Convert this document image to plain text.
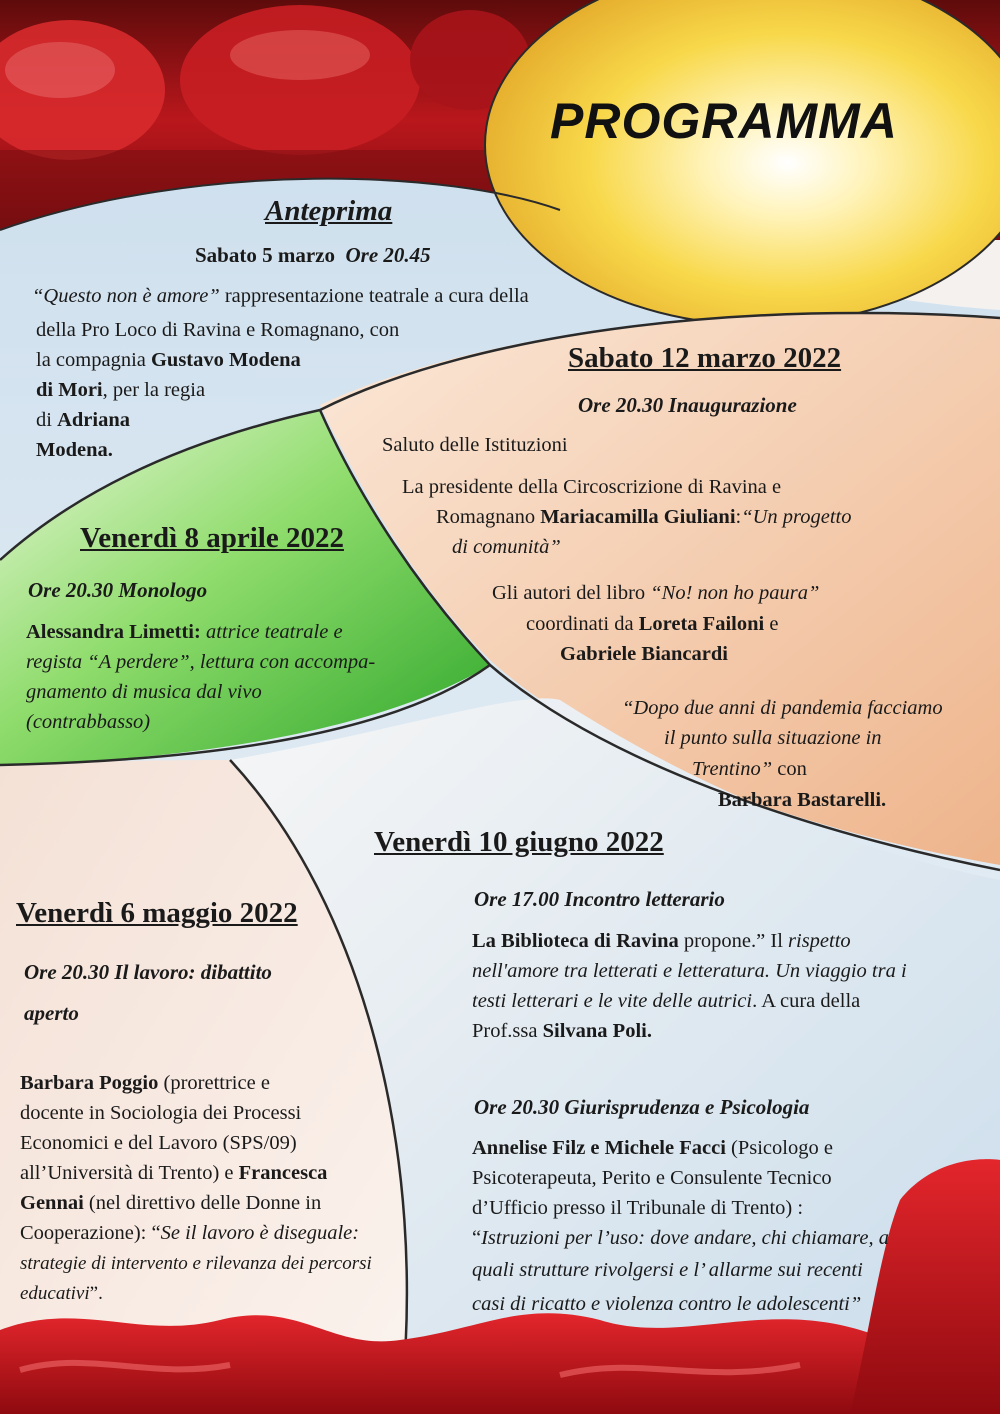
PROGRAMMA
Anteprima
Sabato 5 marzo Ore 20.45
“Questo non è amore” rappresentazione teatrale a cura della
della Pro Loco di Ravina e Romagnano, con
la compagnia Gustavo Modena
di Mori, per la regia
di Adriana
Modena.
Sabato 12 marzo 2022
Ore 20.30 Inaugurazione
Saluto delle Istituzioni
La presidente della Circoscrizione di Ravina e
Romagnano Mariacamilla Giuliani:“Un progetto
di comunità”
Gli autori del libro “No! non ho paura”
coordinati da Loreta Failoni e
Gabriele Biancardi
“Dopo due anni di pandemia facciamo
il punto sulla situazione in
Trentino” con
Barbara Bastarelli.
Venerdì 8 aprile 2022
Ore 20.30 Monologo
Alessandra Limetti: attrice teatrale e
regista “A perdere”, lettura con accompa-
gnamento di musica dal vivo
(contrabbasso)
Venerdì 10 giugno 2022
Ore 17.00 Incontro letterario
La Biblioteca di Ravina propone.” Il rispetto
nell'amore tra letterati e letteratura. Un viaggio tra i
testi letterari e le vite delle autrici. A cura della
Prof.ssa Silvana Poli.
Ore 20.30 Giurisprudenza e Psicologia
Annelise Filz e Michele Facci (Psicologo e
Psicoterapeuta, Perito e Consulente Tecnico
d’Ufficio presso il Tribunale di Trento) :
“Istruzioni per l’uso: dove andare, chi chiamare, a
quali strutture rivolgersi e l’ allarme sui recenti
casi di ricatto e violenza contro le adolescenti”
Venerdì 6 maggio 2022
Ore 20.30 Il lavoro: dibattito
aperto
Barbara Poggio (prorettrice e
docente in Sociologia dei Processi
Economici e del Lavoro (SPS/09)
all’Università di Trento) e Francesca
Gennai (nel direttivo delle Donne in
Cooperazione): “Se il lavoro è diseguale:
strategie di intervento e rilevanza dei percorsi
educativi”.
